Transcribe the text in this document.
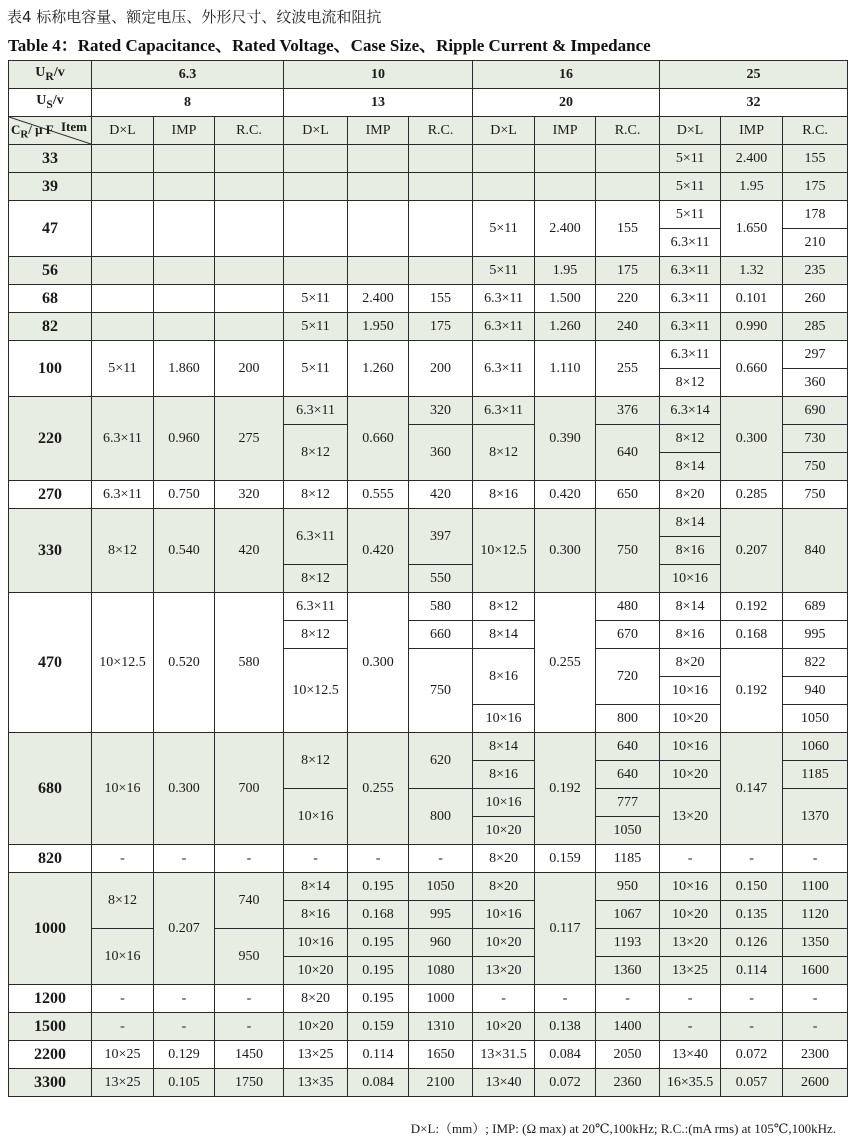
表4 标称电容量、额定电压、外形尺寸、纹波电流和阻抗
Table 4：Rated Capacitance、Rated Voltage、Case Size、Ripple Current & Impedance
$U_R/v$	6.3			10			16			25		
$U_S/v$	8			13			20			32		

Item
$C_R/$ μ F	D×L	IMP	R.C.	D×L	IMP	R.C.	D×L	IMP	R.C.	D×L	IMP	R.C.
33										5×11	2.400	155
39										5×11	1.95	175
47							5×11	2.400	155	5×11	1.650	178
										6.3×11		210
56							5×11	1.95	175	6.3×11	1.32	235
68				5×11	2.400	155	6.3×11	1.500	220	6.3×11	0.101	260
82				5×11	1.950	175	6.3×11	1.260	240	6.3×11	0.990	285
100	5×11	1.860	200	5×11	1.260	200	6.3×11	1.110	255	6.3×11	0.660	297
										8×12		360
220	6.3×11	0.960	275	6.3×11	0.660	320	6.3×11	0.390	376	6.3×14	0.300	690
				8×12		360	8×12		640	8×12		730
										8×14		750
270	6.3×11	0.750	320	8×12	0.555	420	8×16	0.420	650	8×20	0.285	750
330	8×12	0.540	420	6.3×11	0.420	397	10×12.5	0.300	750	8×14	0.207	840
										8×16		
				8×12		550				10×16		
470	10×12.5	0.520	580	6.3×11	0.300	580	8×12	0.255	480	8×14	0.192	689
				8×12		660	8×14		670	8×16	0.168	995
				10×12.5		750	8×16		720	8×20	0.192	822
										10×16		940
							10×16		800	10×20		1050
680	10×16	0.300	700	8×12	0.255	620	8×14	0.192	640	10×16	0.147	1060
							8×16		640	10×20		1185
				10×16		800	10×16		777	13×20		1370
							10×20		1050			
820	-	-	-	-	-	-	8×20	0.159	1185	-	-	-
1000	8×12	0.207	740	8×14	0.195	1050	8×20	0.117	950	10×16	0.150	1100
				8×16	0.168	995	10×16		1067	10×20	0.135	1120
	10×16		950	10×16	0.195	960	10×20		1193	13×20	0.126	1350
				10×20	0.195	1080	13×20		1360	13×25	0.114	1600
1200	-	-	-	8×20	0.195	1000	-	-	-	-	-	-
1500	-	-	-	10×20	0.159	1310	10×20	0.138	1400	-	-	-
2200	10×25	0.129	1450	13×25	0.114	1650	13×31.5	0.084	2050	13×40	0.072	2300
3300	13×25	0.105	1750	13×35	0.084	2100	13×40	0.072	2360	16×35.5	0.057	2600
D×L:（mm）; IMP: (Ω max) at 20℃,100kHz; R.C.:(mA rms) at 105℃,100kHz.
